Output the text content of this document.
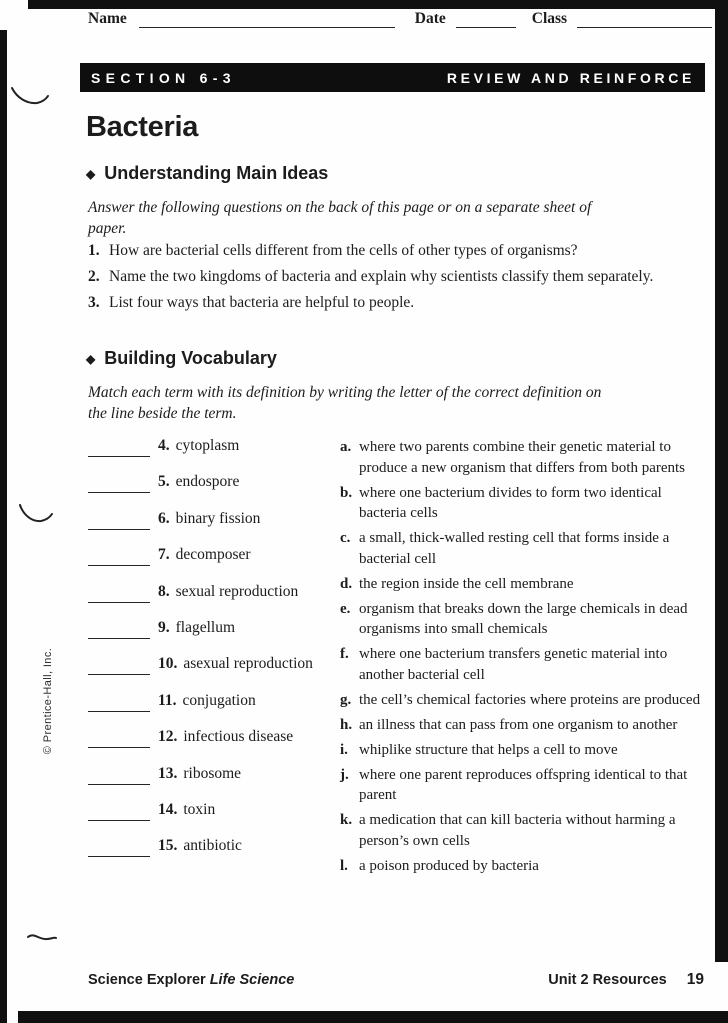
Name	Date	Class
SECTION 6-3	REVIEW AND REINFORCE
Bacteria
◆ Understanding Main Ideas
Answer the following questions on the back of this page or on a separate sheet of paper.
1. How are bacterial cells different from the cells of other types of organisms?
2. Name the two kingdoms of bacteria and explain why scientists classify them separately.
3. List four ways that bacteria are helpful to people.
◆ Building Vocabulary
Match each term with its definition by writing the letter of the correct definition on the line beside the term.
4. cytoplasm
5. endospore
6. binary fission
7. decomposer
8. sexual reproduction
9. flagellum
10. asexual reproduction
11. conjugation
12. infectious disease
13. ribosome
14. toxin
15. antibiotic
a. where two parents combine their genetic material to produce a new organism that differs from both parents
b. where one bacterium divides to form two identical bacteria cells
c. a small, thick-walled resting cell that forms inside a bacterial cell
d. the region inside the cell membrane
e. organism that breaks down the large chemicals in dead organisms into small chemicals
f. where one bacterium transfers genetic material into another bacterial cell
g. the cell’s chemical factories where proteins are produced
h. an illness that can pass from one organism to another
i. whiplike structure that helps a cell to move
j. where one parent reproduces offspring identical to that parent
k. a medication that can kill bacteria without harming a person’s own cells
l. a poison produced by bacteria
© Prentice-Hall, Inc.
Science Explorer Life Science	Unit 2 Resources 19
